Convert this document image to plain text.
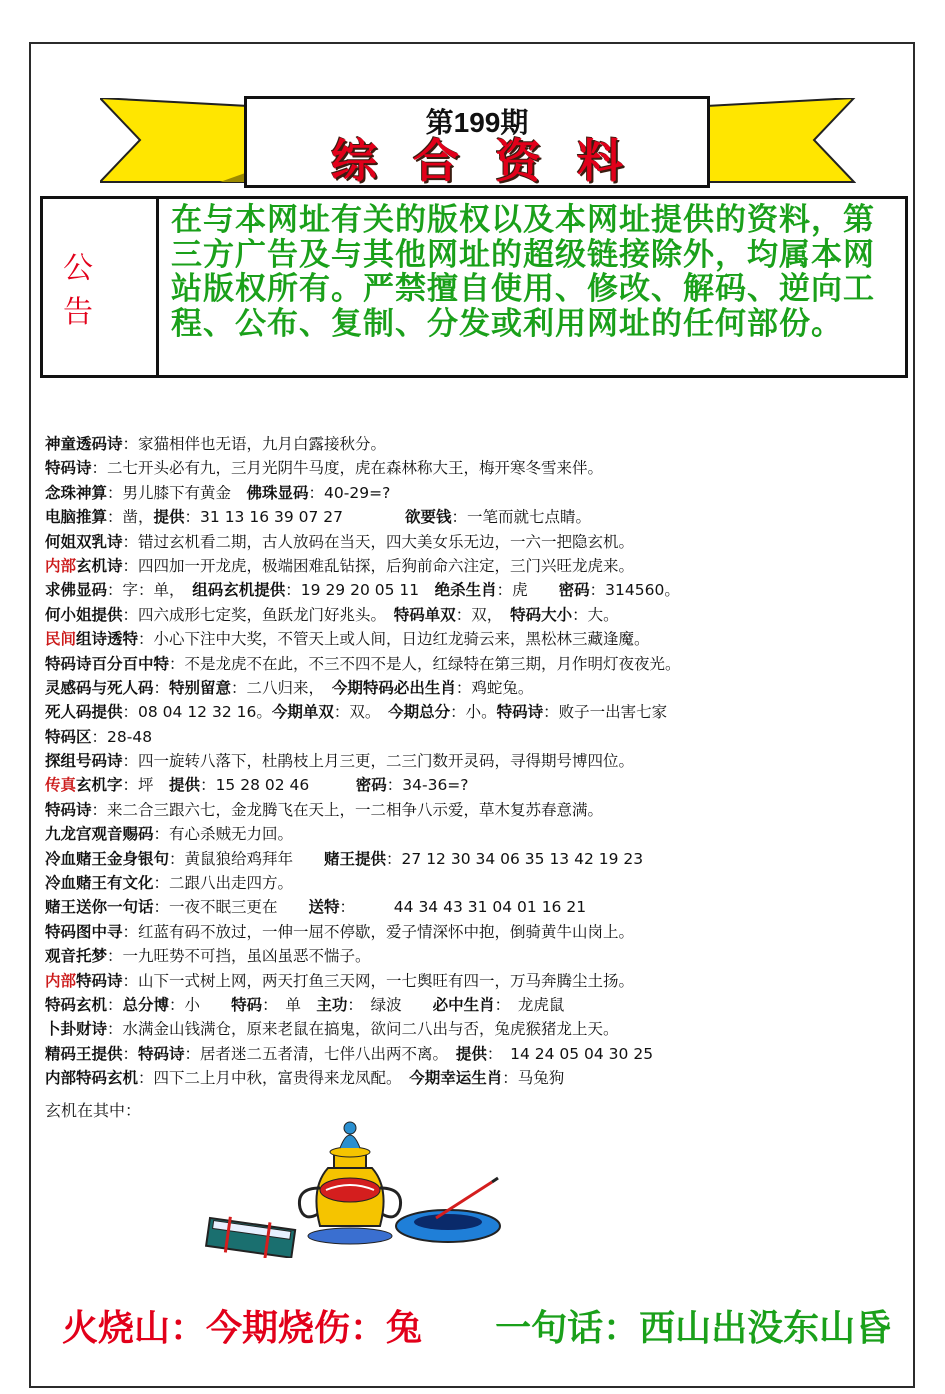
第199期
综合资料
公告
在与本网址有关的版权以及本网址提供的资料，第三方广告及与其他网址的超级链接除外，均属本网站版权所有。严禁擅自使用、修改、解码、逆向工程、公布、复制、分发或利用网址的任何部份。
神童透码诗：家猫相伴也无语，九月白露接秋分。
特码诗：二七开头必有九，三月光阴牛马度，虎在森林称大王，梅开寒冬雪来伴。
念珠神算：男儿膝下有黄金　佛珠显码：40-29=?
电脑推算：凿，提供：31 13 16 39 07 27　　　　欲要钱：一笔而就七点睛。
何姐双乳诗：错过玄机看二期，古人放码在当天，四大美女乐无边，一六一把隐玄机。
内部玄机诗：四四加一开龙虎，极端困难乱钻探，后狗前命六注定，三门兴旺龙虎来。
求佛显码：字：单，　组码玄机提供：19 29 20 05 11　绝杀生肖：虎　　密码：314560。
何小姐提供：四六成形七定奖，鱼跃龙门好兆头。　特码单双：双，　特码大小：大。
民间组诗透特：小心下注中大奖，不管天上或人间，日边红龙骑云来，黑松林三藏逢魔。
特码诗百分百中特：不是龙虎不在此，不三不四不是人，红绿特在第三期，月作明灯夜夜光。
灵感码与死人码：特别留意：二八归来，　今期特码必出生肖：鸡蛇兔。
死人码提供：08 04 12 32 16。今期单双：双。　今期总分：小。特码诗：败子一出害七家
特码区：28-48
探组号码诗：四一旋转八落下，杜鹃枝上月三更，二三门数开灵码，寻得期号博四位。
传真玄机字：坪　提供：15 28 02 46　　　密码：34-36=?
特码诗：来二合三跟六七，金龙腾飞在天上，一二相争八示爱，草木复苏春意满。
九龙宫观音赐码：有心杀贼无力回。
冷血赌王金身银句：黄鼠狼给鸡拜年　　赌王提供：27 12 30 34 06 35 13 42 19 23
冷血赌王有文化：二跟八出走四方。
赌王送你一句话：一夜不眠三更在　　送特：　　　44 34 43 31 04 01 16 21
特码图中寻：红蓝有码不放过，一伸一屈不停歇，爱子情深怀中抱，倒骑黄牛山岗上。
观音托梦：一九旺势不可挡，虽凶虽恶不惴子。
内部特码诗：山下一式树上网，两天打鱼三天网，一七舆旺有四一，万马奔腾尘土扬。
特码玄机：总分博：小　　特码：　单　主功：　绿波　　必中生肖：　龙虎鼠
卜卦财诗：水满金山钱满仓，原来老鼠在搞鬼，欲问二八出与否，兔虎猴猪龙上天。
精码王提供：特码诗：居者迷二五者清，七伴八出两不离。　提供：　14 24 05 04 30 25
内部特码玄机：四下二上月中秋，富贵得来龙凤配。　今期幸运生肖：马兔狗
玄机在其中：
火烧山：今期烧伤：兔 一句话：西山出没东山昏
